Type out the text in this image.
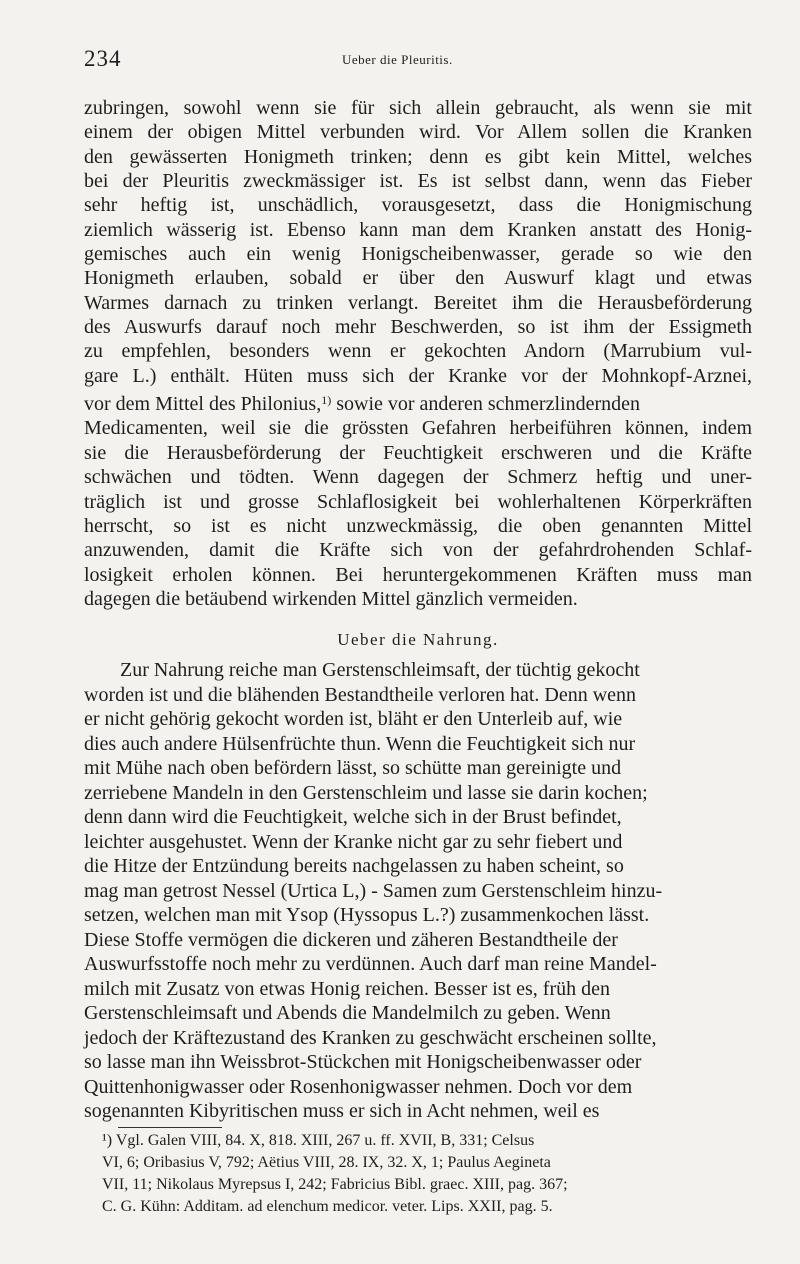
234	Ueber die Pleuritis.
zubringen, sowohl wenn sie für sich allein gebraucht, als wenn sie mit
einem der obigen Mittel verbunden wird. Vor Allem sollen die Kranken
den gewässerten Honigmeth trinken; denn es gibt kein Mittel, welches
bei der Pleuritis zweckmässiger ist. Es ist selbst dann, wenn das Fieber
sehr heftig ist, unschädlich, vorausgesetzt, dass die Honigmischung
ziemlich wässerig ist. Ebenso kann man dem Kranken anstatt des Honig-
gemisches auch ein wenig Honigscheibenwasser, gerade so wie den
Honigmeth erlauben, sobald er über den Auswurf klagt und etwas
Warmes darnach zu trinken verlangt. Bereitet ihm die Herausbeförderung
des Auswurfs darauf noch mehr Beschwerden, so ist ihm der Essigmeth
zu empfehlen, besonders wenn er gekochten Andorn (Marrubium vul-
gare L.) enthält. Hüten muss sich der Kranke vor der Mohnkopf-Arznei,
vor dem Mittel des Philonius,$^{1)}$ sowie vor anderen schmerzlindernden
Medicamenten, weil sie die grössten Gefahren herbeiführen können, indem
sie die Herausbeförderung der Feuchtigkeit erschweren und die Kräfte
schwächen und tödten. Wenn dagegen der Schmerz heftig und uner-
träglich ist und grosse Schlaflosigkeit bei wohlerhaltenen Körperkräften
herrscht, so ist es nicht unzweckmässig, die oben genannten Mittel
anzuwenden, damit die Kräfte sich von der gefahrdrohenden Schlaf-
losigkeit erholen können. Bei heruntergekommenen Kräften muss man
dagegen die betäubend wirkenden Mittel gänzlich vermeiden.
Ueber die Nahrung.
Zur Nahrung reiche man Gerstenschleimsaft, der tüchtig gekocht
worden ist und die blähenden Bestandtheile verloren hat. Denn wenn
er nicht gehörig gekocht worden ist, bläht er den Unterleib auf, wie
dies auch andere Hülsenfrüchte thun. Wenn die Feuchtigkeit sich nur
mit Mühe nach oben befördern lässt, so schütte man gereinigte und
zerriebene Mandeln in den Gerstenschleim und lasse sie darin kochen;
denn dann wird die Feuchtigkeit, welche sich in der Brust befindet,
leichter ausgehustet. Wenn der Kranke nicht gar zu sehr fiebert und
die Hitze der Entzündung bereits nachgelassen zu haben scheint, so
mag man getrost Nessel (Urtica L,) - Samen zum Gerstenschleim hinzu-
setzen, welchen man mit Ysop (Hyssopus L.?) zusammenkochen lässt.
Diese Stoffe vermögen die dickeren und zäheren Bestandtheile der
Auswurfsstoffe noch mehr zu verdünnen. Auch darf man reine Mandel-
milch mit Zusatz von etwas Honig reichen. Besser ist es, früh den
Gerstenschleimsaft und Abends die Mandelmilch zu geben. Wenn
jedoch der Kräftezustand des Kranken zu geschwächt erscheinen sollte,
so lasse man ihn Weissbrot-Stückchen mit Honigscheibenwasser oder
Quittenhonigwasser oder Rosenhonigwasser nehmen. Doch vor dem
sogenannten Kibyritischen muss er sich in Acht nehmen, weil es
¹) Vgl. Galen VIII, 84. X, 818. XIII, 267 u. ff. XVII, B, 331; Celsus
VI, 6; Oribasius V, 792; Aëtius VIII, 28. IX, 32. X, 1; Paulus Aegineta
VII, 11; Nikolaus Myrepsus I, 242; Fabricius Bibl. graec. XIII, pag. 367;
C. G. Kühn: Additam. ad elenchum medicor. veter. Lips. XXII, pag. 5.
